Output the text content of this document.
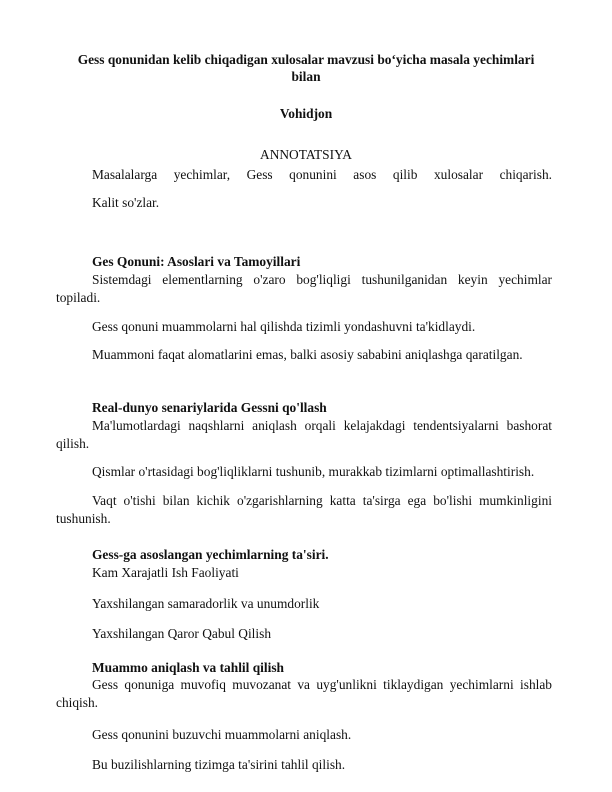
Gess qonunidan kelib chiqadigan xulosalar mavzusi bo‘yicha masala yechimlari
bilan
Vohidjon
ANNOTATSIYA
Masalalarga yechimlar, Gess qonunini asos qilib xulosalar chiqarish.
Kalit so'zlar.
Ges Qonuni: Asoslari va Tamoyillari
Sistemdagi elementlarning o'zaro bog'liqligi tushunilganidan keyin yechimlar
topiladi.
Gess qonuni muammolarni hal qilishda tizimli yondashuvni ta'kidlaydi.
Muammoni faqat alomatlarini emas, balki asosiy sababini aniqlashga qaratilgan.
Real-dunyo senariylarida Gessni qo'llash
Ma'lumotlardagi naqshlarni aniqlash orqali kelajakdagi tendentsiyalarni bashorat
qilish.
Qismlar o'rtasidagi bog'liqliklarni tushunib, murakkab tizimlarni optimallashtirish.
Vaqt o'tishi bilan kichik o'zgarishlarning katta ta'sirga ega bo'lishi mumkinligini
tushunish.
Gess-ga asoslangan yechimlarning ta'siri.
Kam Xarajatli Ish Faoliyati
Yaxshilangan samaradorlik va unumdorlik
Yaxshilangan Qaror Qabul Qilish
Muammo aniqlash va tahlil qilish
Gess qonuniga muvofiq muvozanat va uyg'unlikni tiklaydigan yechimlarni ishlab
chiqish.
Gess qonunini buzuvchi muammolarni aniqlash.
Bu buzilishlarning tizimga ta'sirini tahlil qilish.
